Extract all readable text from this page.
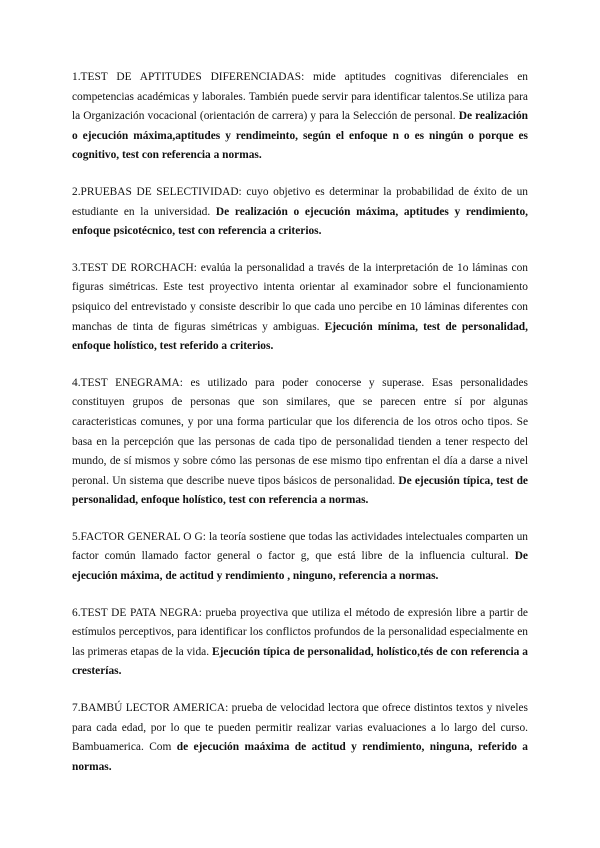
1.TEST DE APTITUDES DIFERENCIADAS: mide aptitudes cognitivas diferenciales en competencias académicas y laborales. También puede servir para identificar talentos.Se utiliza para la Organización vocacional (orientación de carrera) y para la Selección de personal. De realización o ejecución máxima,aptitudes y rendimeinto, según el enfoque n o es ningún o porque es cognitivo, test con referencia a normas.

2.PRUEBAS DE SELECTIVIDAD: cuyo objetivo es determinar la probabilidad de éxito de un estudiante en la universidad. De realización o ejecución máxima, aptitudes y rendimiento, enfoque psicotécnico, test con referencia a criterios.

3.TEST DE RORCHACH: evalúa la personalidad a través de la interpretación de 1o láminas con figuras simétricas. Este test proyectivo intenta orientar al examinador sobre el funcionamiento psiquico del entrevistado y consiste describir lo que cada uno percibe en 10 láminas diferentes con manchas de tinta de figuras simétricas y ambiguas. Ejecución mínima, test de personalidad, enfoque holístico, test referido a criterios.

4.TEST ENEGRAMA: es utilizado para poder conocerse y superase. Esas personalidades constituyen grupos de personas que son similares, que se parecen entre sí por algunas caracteristicas comunes, y por una forma particular que los diferencia de los otros ocho tipos. Se basa en la percepción que las personas de cada tipo de personalidad tienden a tener respecto del mundo, de sí mismos y sobre cómo las personas de ese mismo tipo enfrentan el día a darse a nivel peronal. Un sistema que describe nueve tipos básicos de personalidad. De ejecusión típica, test de personalidad, enfoque holístico, test con referencia a normas.

5.FACTOR GENERAL O G: la teoría sostiene que todas las actividades intelectuales comparten un factor común llamado factor general o factor g, que está libre de la influencia cultural. De ejecución máxima, de actitud y rendimiento , ninguno, referencia a normas.

6.TEST DE PATA NEGRA: prueba proyectiva que utiliza el método de expresión libre a partir de estímulos perceptivos, para identificar los conflictos profundos de la personalidad especialmente en las primeras etapas de la vida. Ejecución típica de personalidad, holístico,tés de con referencia a cresterías.

7.BAMBÚ LECTOR AMERICA: prueba de velocidad lectora que ofrece distintos textos y niveles para cada edad, por lo que te pueden permitir realizar varias evaluaciones a lo largo del curso. Bambuamerica. Com de ejecución maáxima de actitud y rendimiento, ninguna, referido a normas.
